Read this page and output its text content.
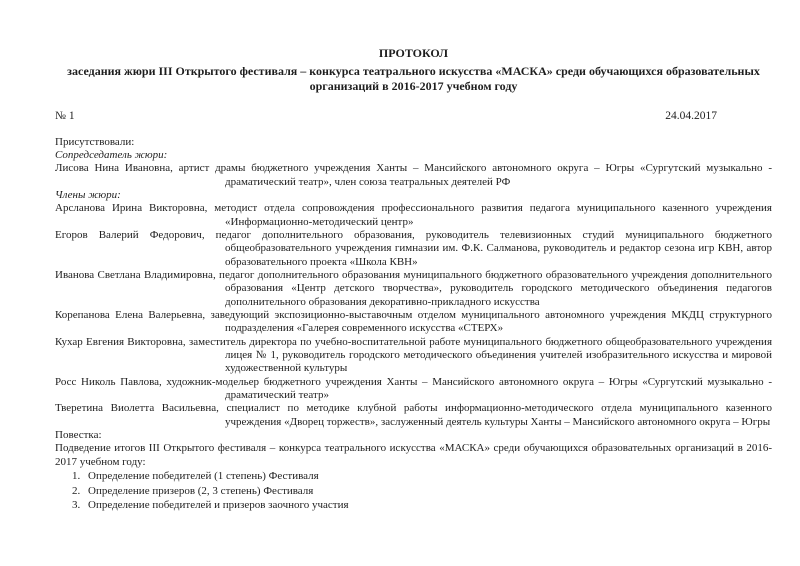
ПРОТОКОЛ
заседания жюри III Открытого фестиваля – конкурса театрального искусства «МАСКА» среди обучающихся образовательных организаций в 2016-2017 учебном году
№ 1	24.04.2017
Присутствовали:
Сопредседатель жюри:
Лисова Нина Ивановна, артист драмы бюджетного учреждения Ханты – Мансийского автономного округа – Югры «Сургутский музыкально - драматический театр», член союза театральных деятелей РФ
Члены жюри:
Арсланова Ирина Викторовна, методист отдела сопровождения профессионального развития педагога муниципального казенного учреждения «Информационно-методический центр»
Егоров Валерий Федорович, педагог дополнительного образования, руководитель телевизионных студий муниципального бюджетного общеобразовательного учреждения гимназии им. Ф.К. Салманова, руководитель и редактор сезона игр КВН, автор образовательного проекта «Школа КВН»
Иванова Светлана Владимировна, педагог дополнительного образования муниципального бюджетного образовательного учреждения дополнительного образования «Центр детского творчества», руководитель городского методического объединения педагогов дополнительного образования декоративно-прикладного искусства
Корепанова Елена Валерьевна, заведующий экспозиционно-выставочным отделом муниципального автономного учреждения МКДЦ структурного подразделения «Галерея современного искусства «СТЕРХ»
Кухар Евгения Викторовна, заместитель директора по учебно-воспитательной работе муниципального бюджетного общеобразовательного учреждения лицея № 1, руководитель городского методического объединения учителей изобразительного искусства и мировой художественной культуры
Росс Николь Павлова, художник-модельер бюджетного учреждения Ханты – Мансийского автономного округа – Югры «Сургутский музыкально - драматический театр»
Тверетина Виолетта Васильевна, специалист по методике клубной работы информационно-методического отдела муниципального казенного учреждения «Дворец торжеств», заслуженный деятель культуры Ханты – Мансийского автономного округа – Югры
Повестка:
Подведение итогов III Открытого фестиваля – конкурса театрального искусства «МАСКА» среди обучающихся образовательных организаций в 2016-2017 учебном году:
1. Определение победителей (1 степень) Фестиваля
2. Определение призеров (2, 3 степень) Фестиваля
3. Определение победителей и призеров заочного участия
